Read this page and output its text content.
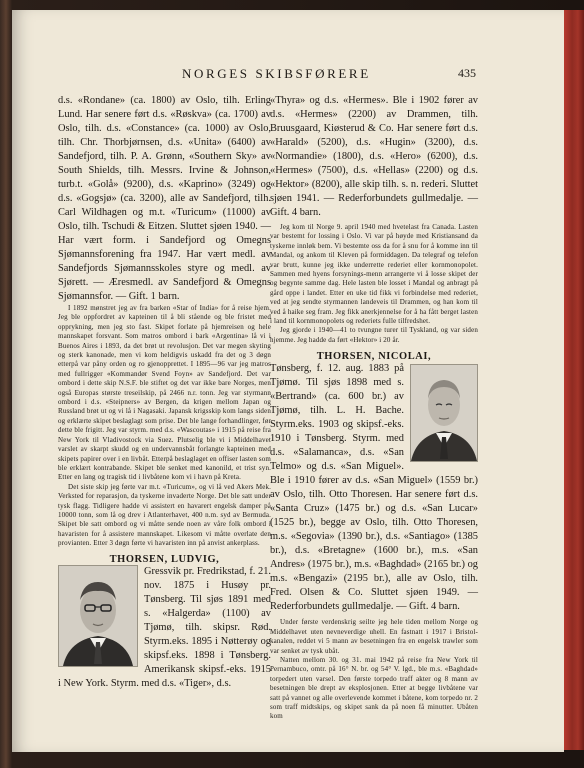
NORGES SKIBSFØRERE	435

d.s. «Rondane» (ca. 1800) av Oslo, tilh. Erling Lund. Har senere ført d.s. «Røskva» (ca. 1700) av Oslo, tilh. d.s. «Constance» (ca. 1000) av Oslo, tilh. Chr. Thorbjørnsen, d.s. «Unita» (6400) av Sandefjord, tilh. P. A. Grønn, «Southern Sky» av South Shields, tilh. Messrs. Irvine & Johnson, turb.t. «Golå» (9200), d.s. «Kaprino» (3249) og d.s. «Gogsjø» (ca. 3200), alle av Sandefjord, tilh. Carl Wildhagen og m.t. «Turicum» (11000) av Oslo, tilh. Tschudi & Eitzen. Sluttet sjøen 1940. — Har vært form. i Sandefjord og Omegns Sjømannsforening fra 1947. Har vært medl. av Sandefjords Sjømannsskoles styre og medl. av Sjørett. — Æresmedl. av Sandefjord & Omegns Sjømannsfor. — Gift. 1 barn.

I 1892 mønstret jeg av fra barken «Star of India» for å reise hjem. Jeg ble oppfordret av kapteinen til å bli stående og ble fristet med opprykning, men jeg sto fast. Skipet forlate på hjemreisen og hele mannskapet forsvant. Som matros ombord i bark «Argentina» lå vi i Buenos Aires i 1893, da det brøt ut revolusjon. Det var megen skyting og sterk kanonade, men vi kom heldigvis uskadd fra det og 3 døgn etterpå var påny orden og ro gjenopprettet. I 1895—96 var jeg matros med fullrigger «Kommandør Svend Foyn» av Sandefjord. Det var ombord i dette skip N.S.F. ble stiftet og det var ikke bare Norges, men også Europas største treseilskip, på 2466 n.r. tonn. Jeg var styrmann ombord i d.s. «Steipners» av Bergen, da krigen mellom Japan og Russland brøt ut og vi lå i Nagasaki. Japansk krigsskip kom langs siden og erklærte skipet beslaglagt som prise. Det ble lange forhandlinger, før dette ble frigitt. Jeg var styrm. med d.s. «Wascoutas» i 1915 på reise fra New York til Vladivostock via Suez. Plutselig ble vi i Middelhavet varslet av skarpt skudd og en undervannsbåt forlangte kapteinen med skipets papirer over i en livbåt. Etterpå beslaglaget en offiser lasten som ble erklært kontrabande. Skipet ble senket med kanonild, et trist syn. Etter en lang og tragisk tid i livbåtene kom vi i havn på Kreta.

Det siste skip jeg førte var m.t. «Turicum», og vi lå ved Akers Mek. Verksted for reparasjon, da tyskerne invaderte Norge. Det ble satt under tysk flagg. Tidligere hadde vi assistert en havarert engelsk damper på 10000 tonn, som lå og drev i Atlanterhavet, 400 n.m. syd av Bermuda. Skipet ble satt ombord og vi måtte sende noen av våre folk ombord i havaristen for å assistere mannskapet. Likesom vi måtte overlate den provianten. Etter 3 døgn førte vi havaristen inn på anvist ankerplass.

THORSEN, LUDVIG,

Gressvik pr. Fredrikstad, f. 21. nov. 1875 i Husøy pr. Tønsberg. Til sjøs 1891 med s. «Halgerda» (1100) av Tjømø, tilh. skipsr. Rød. Styrm.eks. 1895 i Nøtterøy og skipsf.eks. 1898 i Tønsberg. Amerikansk skipsf.-eks. 1915 i New York. Styrm. med d.s. «Tiger», d.s.

«Thyra» og d.s. «Hermes». Ble i 1902 fører av d.s. «Hermes» (2200) av Drammen, tilh. Bruusgaard, Kiøsterud & Co. Har senere ført d.s. «Harald» (5200), d.s. «Hugin» (3200), d.s. «Normandie» (1800), d.s. «Hero» (6200), d.s. «Hermes» (7500), d.s. «Hellas» (2200) og d.s. «Hektor» (8200), alle skip tilh. s. n. rederi. Sluttet sjøen 1941. — Rederforbundets gullmedalje. — Gift. 4 barn.

Jeg kom til Norge 9. april 1940 med hvetelast fra Canada. Lasten var bestemt for lossing i Oslo. Vi var på høyde med Kristiansand da tyskerne innløk bem. Vi bestemte oss da for å snu for å komme inn til Mandal, og ankom til Kleven på formiddagen. Da telegraf og telefon var brutt, kunne jeg ikke underrette rederiet eller kornmonopolet. Sammen med hyens forsynings-menn arrangerte vi å losse skipet der og begynte samme dag. Hele lasten ble losset i Mandal og anbragt på gård oppe i landet. Etter en uke tid fikk vi forbindelse med rederiet, ved at jeg sendte styrmannen landeveis til Drammen, og han kom til ved å haike seg fram. Jeg fikk anerkjennelse for å ha fått berget lasten i land til kornmonopolets og rederiets fulle tilfredshet.

Jeg gjorde i 1940—41 to tvungne turer til Tyskland, og var siden hjemme. Jeg hadde da ført «Hektor» i 20 år.

THORSEN, NICOLAI,

Tønsberg, f. 12. aug. 1883 på Tjømø. Til sjøs 1898 med s. «Bertrand» (ca. 600 br.) av Tjømø, tilh. L. H. Bache. Styrm.eks. 1903 og skipsf.-eks. 1910 i Tønsberg. Styrm. med d.s. «Salamanca», d.s. «San Telmo» og d.s. «San Miguel». Ble i 1910 fører av d.s. «San Miguel» (1559 br.) av Oslo, tilh. Otto Thoresen. Har senere ført d.s. «Santa Cruz» (1475 br.) og d.s. «San Lucar» (1525 br.), begge av Oslo, tilh. Otto Thoresen, m.s. «Segovia» (1390 br.), d.s. «Santiago» (1385 br.), d.s. «Bretagne» (1600 br.), m.s. «San Andres» (1975 br.), m.s. «Baghdad» (2165 br.) og m.s. «Bengazi» (2195 br.), alle av Oslo, tilh. Fred. Olsen & Co. Sluttet sjøen 1949. — Rederforbundets gullmedalje. — Gift. 4 barn.

Under første verdenskrig seilte jeg hele tiden mellom Norge og Middelhavet uten nevneverdige uhell. En fastnatt i 1917 i Bristol-kanalen, reddet vi 5 mann av besetningen fra en engelsk trawler som var senket av tysk ubåt.

Natten mellom 30. og 31. mai 1942 på reise fra New York til Pernambuco, omtr. på 16° N. br. og 54° V. lgd., ble m.s. «Baghdad» torpedert uten varsel. Den første torpedo traff akter og 8 mann av besetningen ble drept av eksplosjonen. Etter at begge livbåtene var satt på vannet og alle overlevende kommet i båtene, kom torpedo nr. 2 som traff midtskips, og skipet sank da på noen få minutter. Ubåten kom
